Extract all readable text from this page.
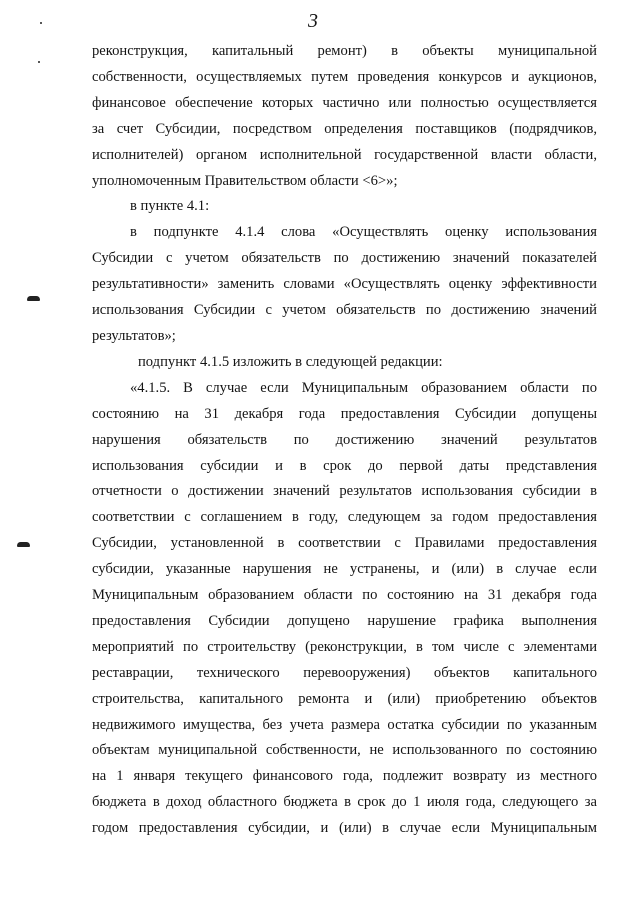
3

реконструкция, капитальный ремонт) в объекты муниципальной

собственности, осуществляемых путем проведения конкурсов и аукционов,

финансовое обеспечение которых частично или полностью осуществляется

за счет Субсидии, посредством определения поставщиков (подрядчиков,

исполнителей) органом исполнительной государственной власти области,

уполномоченным Правительством области <6>»;

в пункте 4.1:

в подпункте 4.1.4 слова «Осуществлять оценку использования

Субсидии с учетом обязательств по достижению значений показателей

результативности» заменить словами «Осуществлять оценку эффективности

использования Субсидии с учетом обязательств по достижению значений

результатов»;

подпункт 4.1.5 изложить в следующей редакции:

«4.1.5. В случае если Муниципальным образованием области по

состоянию на 31 декабря года предоставления Субсидии допущены

нарушения обязательств по достижению значений результатов

использования субсидии и в срок до первой даты представления

отчетности о достижении значений результатов использования субсидии в

соответствии с соглашением в году, следующем за годом предоставления

Субсидии, установленной в соответствии с Правилами предоставления

субсидии, указанные нарушения не устранены, и (или) в случае если

Муниципальным образованием области по состоянию на 31 декабря года

предоставления Субсидии допущено нарушение графика выполнения

мероприятий по строительству (реконструкции, в том числе с элементами

реставрации, технического перевооружения) объектов капитального

строительства, капитального ремонта и (или) приобретению объектов

недвижимого имущества, без учета размера остатка субсидии по указанным

объектам муниципальной собственности, не использованного по состоянию

на 1 января текущего финансового года, подлежит возврату из местного

бюджета в доход областного бюджета в срок до 1 июля года, следующего за

годом предоставления субсидии, и (или) в случае если Муниципальным
